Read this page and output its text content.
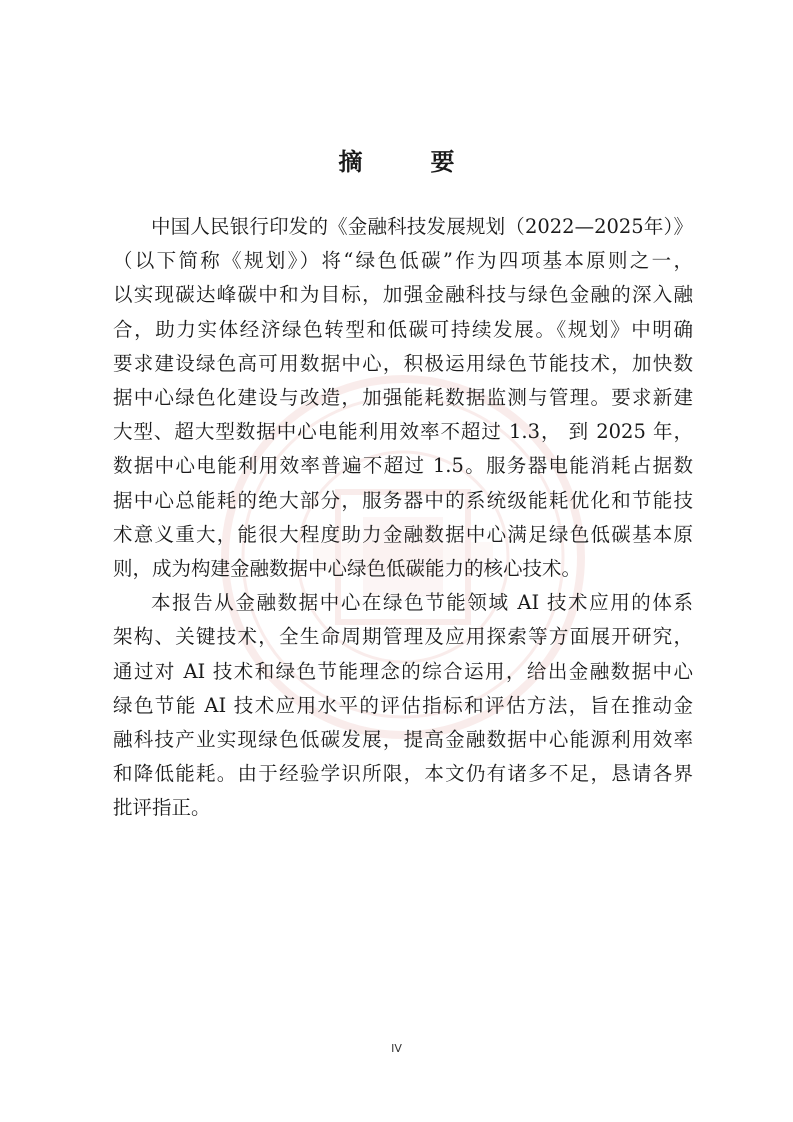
摘　要
中国人民银行印发的《金融科技发展规划（2022—2025年）》
（以下简称《规划》）将“绿色低碳”作为四项基本原则之一，
以实现碳达峰碳中和为目标，加强金融科技与绿色金融的深入融
合，助力实体经济绿色转型和低碳可持续发展。《规划》中明确
要求建设绿色高可用数据中心，积极运用绿色节能技术，加快数
据中心绿色化建设与改造，加强能耗数据监测与管理。要求新建
大型、超大型数据中心电能利用效率不超过 1.3， 到 2025 年，
数据中心电能利用效率普遍不超过 1.5。服务器电能消耗占据数
据中心总能耗的绝大部分，服务器中的系统级能耗优化和节能技
术意义重大，能很大程度助力金融数据中心满足绿色低碳基本原
则，成为构建金融数据中心绿色低碳能力的核心技术。
本报告从金融数据中心在绿色节能领域 AI 技术应用的体系
架构、关键技术，全生命周期管理及应用探索等方面展开研究，
通过对 AI 技术和绿色节能理念的综合运用，给出金融数据中心
绿色节能 AI 技术应用水平的评估指标和评估方法，旨在推动金
融科技产业实现绿色低碳发展，提高金融数据中心能源利用效率
和降低能耗。由于经验学识所限，本文仍有诸多不足，恳请各界
批评指正。
IV
